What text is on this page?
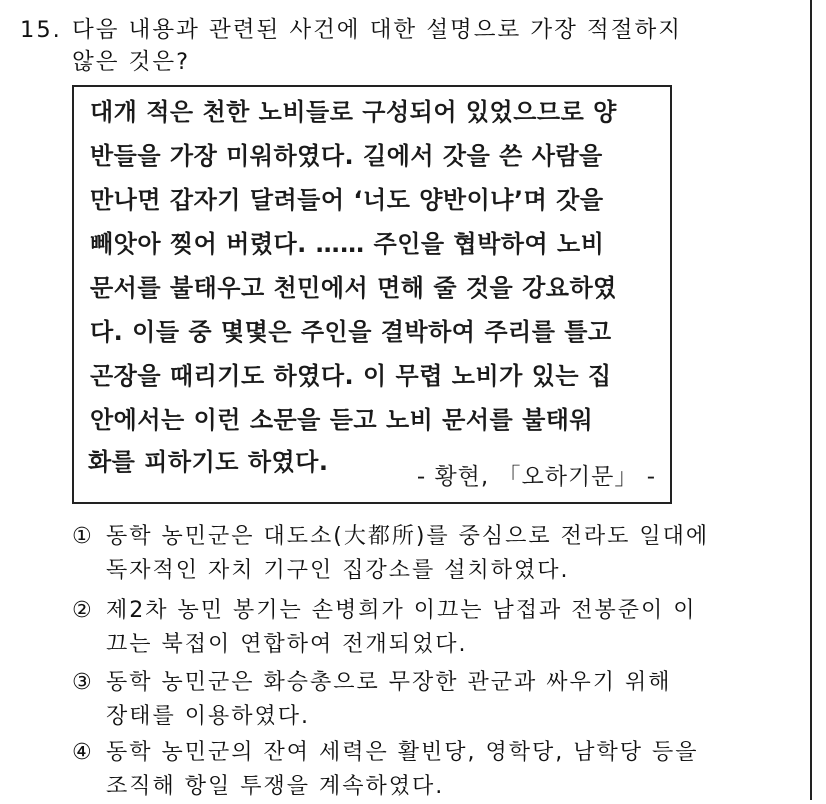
15. 다음 내용과 관련된 사건에 대한 설명으로 가장 적절하지
않은 것은?
대개 적은 천한 노비들로 구성되어 있었으므로 양
반들을 가장 미워하였다. 길에서 갓을 쓴 사람을
만나면 갑자기 달려들어 ‘너도 양반이냐’며 갓을
빼앗아 찢어 버렸다. …… 주인을 협박하여 노비
문서를 불태우고 천민에서 면해 줄 것을 강요하였
다. 이들 중 몇몇은 주인을 결박하여 주리를 틀고
곤장을 때리기도 하였다. 이 무렵 노비가 있는 집
안에서는 이런 소문을 듣고 노비 문서를 불태워
- 황현, 「오하기문」 -
화를 피하기도 하였다.
① 동학 농민군은 대도소(大都所)를 중심으로 전라도 일대에
독자적인 자치 기구인 집강소를 설치하였다.
② 제2차 농민 봉기는 손병희가 이끄는 남접과 전봉준이 이
끄는 북접이 연합하여 전개되었다.
③ 동학 농민군은 화승총으로 무장한 관군과 싸우기 위해
장태를 이용하였다.
④ 동학 농민군의 잔여 세력은 활빈당, 영학당, 남학당 등을
조직해 항일 투쟁을 계속하였다.
